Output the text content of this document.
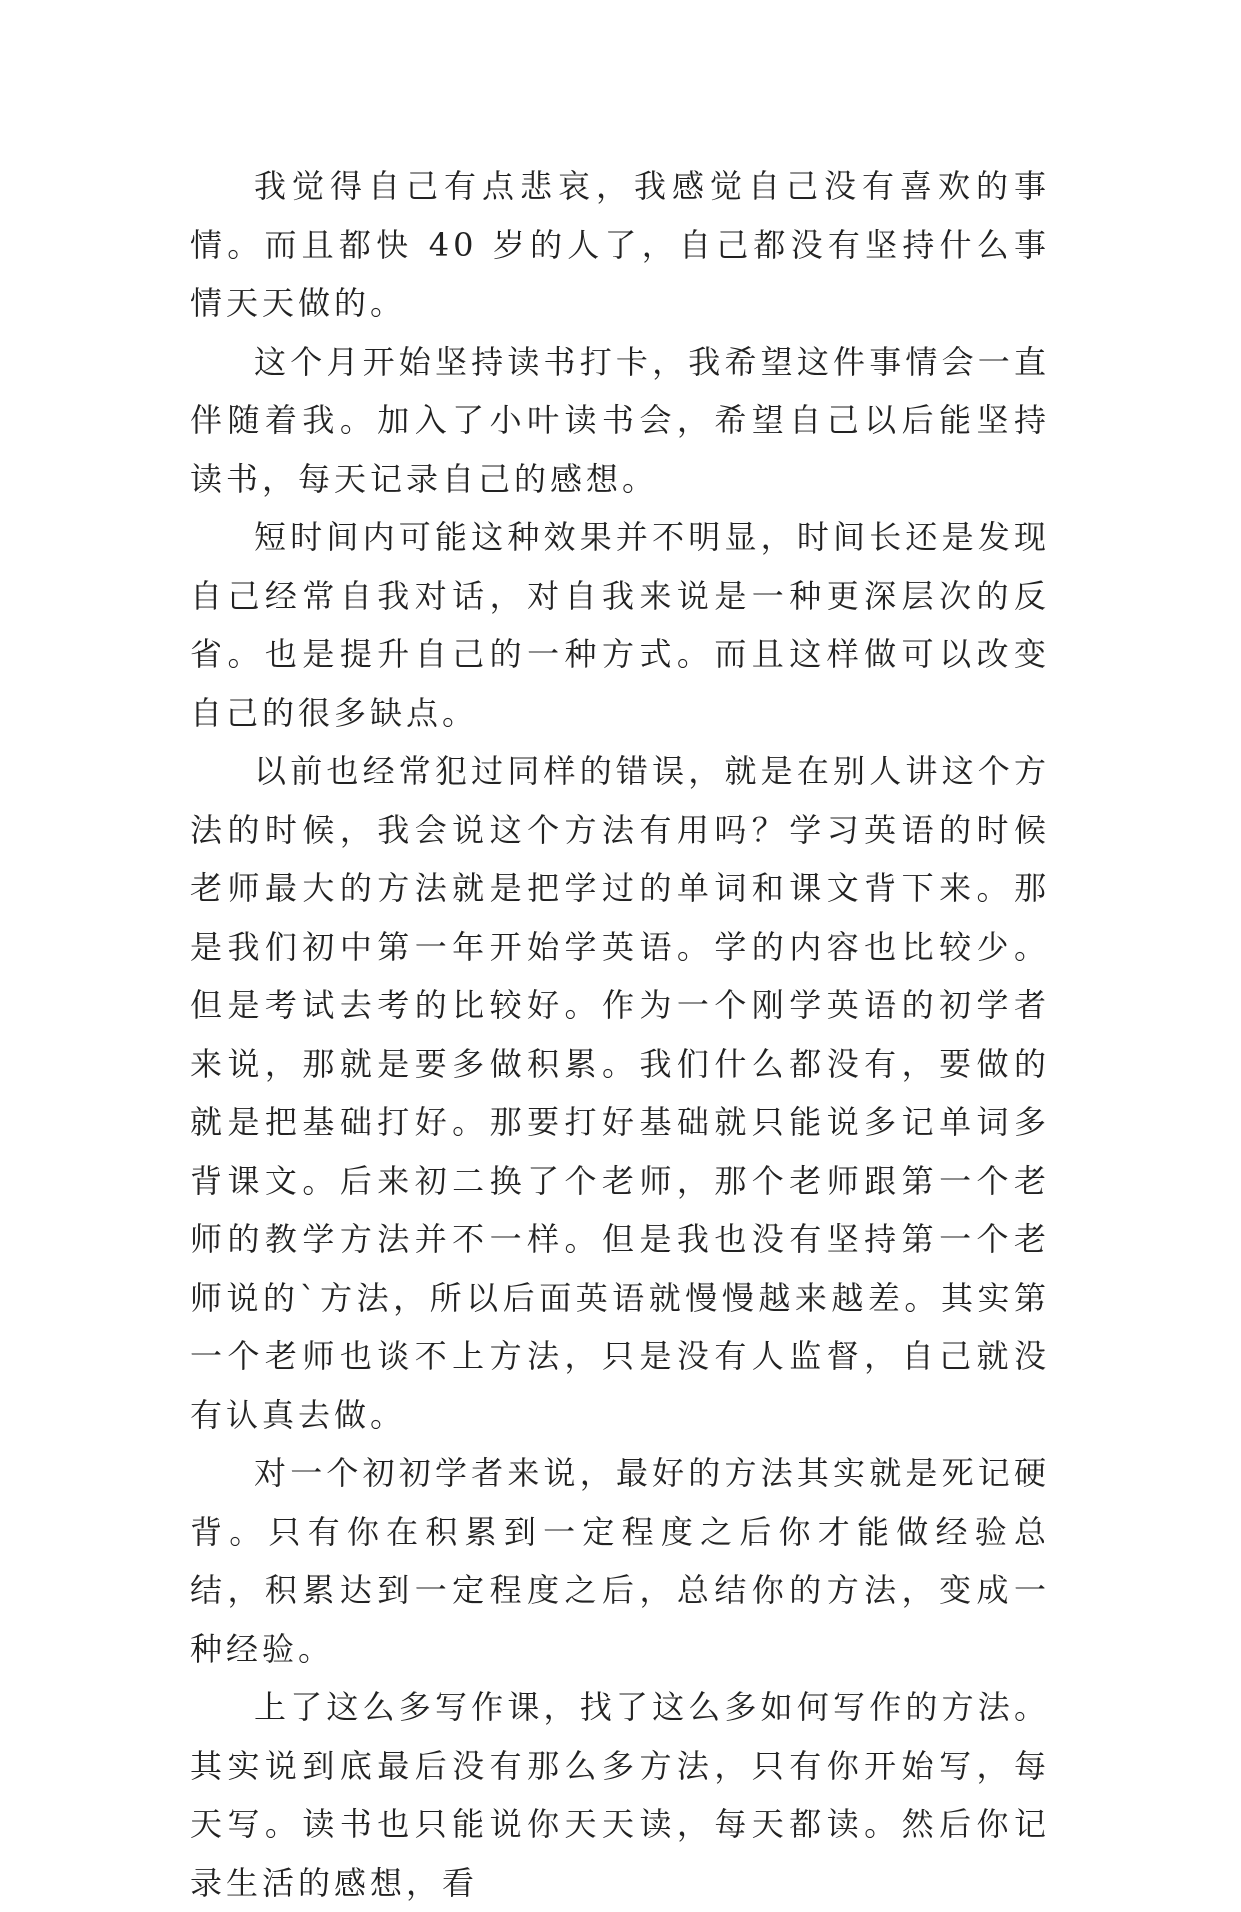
我觉得自己有点悲哀，我感觉自己没有喜欢的事情。而且都快 40 岁的人了，自己都没有坚持什么事情天天做的。

这个月开始坚持读书打卡，我希望这件事情会一直伴随着我。加入了小叶读书会，希望自己以后能坚持读书，每天记录自己的感想。

短时间内可能这种效果并不明显，时间长还是发现自己经常自我对话，对自我来说是一种更深层次的反省。也是提升自己的一种方式。而且这样做可以改变自己的很多缺点。

以前也经常犯过同样的错误，就是在别人讲这个方法的时候，我会说这个方法有用吗？学习英语的时候老师最大的方法就是把学过的单词和课文背下来。那是我们初中第一年开始学英语。学的内容也比较少。但是考试去考的比较好。作为一个刚学英语的初学者来说，那就是要多做积累。我们什么都没有，要做的就是把基础打好。那要打好基础就只能说多记单词多背课文。后来初二换了个老师，那个老师跟第一个老师的教学方法并不一样。但是我也没有坚持第一个老师说的`方法，所以后面英语就慢慢越来越差。其实第一个老师也谈不上方法，只是没有人监督，自己就没有认真去做。

对一个初初学者来说，最好的方法其实就是死记硬背。只有你在积累到一定程度之后你才能做经验总结，积累达到一定程度之后，总结你的方法，变成一种经验。

上了这么多写作课，找了这么多如何写作的方法。其实说到底最后没有那么多方法，只有你开始写，每天写。读书也只能说你天天读，每天都读。然后你记录生活的感想，看
